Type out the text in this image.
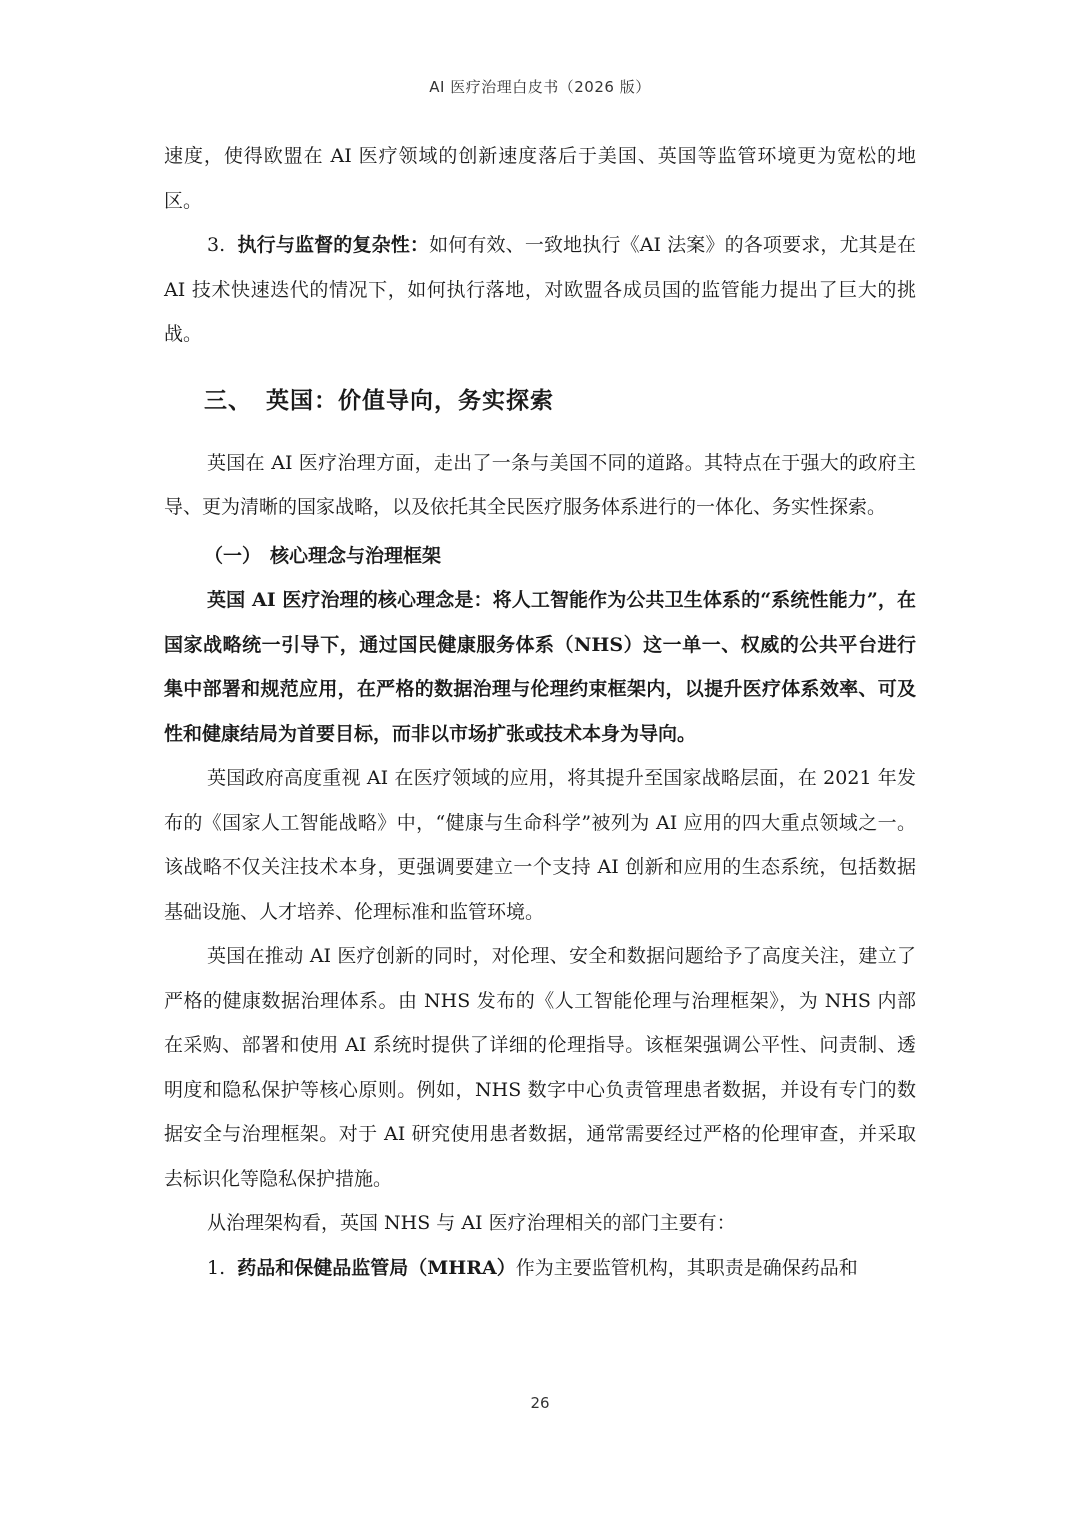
AI 医疗治理白皮书（2026 版）

速度，使得欧盟在 AI 医疗领域的创新速度落后于美国、英国等监管环境更为宽松的地区。

3. 执行与监督的复杂性：如何有效、一致地执行《AI 法案》的各项要求，尤其是在 AI 技术快速迭代的情况下，如何执行落地，对欧盟各成员国的监管能力提出了巨大的挑战。

三、 英国：价值导向，务实探索

英国在 AI 医疗治理方面，走出了一条与美国不同的道路。其特点在于强大的政府主导、更为清晰的国家战略，以及依托其全民医疗服务体系进行的一体化、务实性探索。

（一） 核心理念与治理框架

英国 AI 医疗治理的核心理念是：将人工智能作为公共卫生体系的“系统性能力”，在国家战略统一引导下，通过国民健康服务体系（NHS）这一单一、权威的公共平台进行集中部署和规范应用，在严格的数据治理与伦理约束框架内，以提升医疗体系效率、可及性和健康结局为首要目标，而非以市场扩张或技术本身为导向。

英国政府高度重视 AI 在医疗领域的应用，将其提升至国家战略层面，在 2021 年发布的《国家人工智能战略》中，“健康与生命科学”被列为 AI 应用的四大重点领域之一。该战略不仅关注技术本身，更强调要建立一个支持 AI 创新和应用的生态系统，包括数据基础设施、人才培养、伦理标准和监管环境。

英国在推动 AI 医疗创新的同时，对伦理、安全和数据问题给予了高度关注，建立了严格的健康数据治理体系。由 NHS 发布的《人工智能伦理与治理框架》，为 NHS 内部在采购、部署和使用 AI 系统时提供了详细的伦理指导。该框架强调公平性、问责制、透明度和隐私保护等核心原则。例如，NHS 数字中心负责管理患者数据，并设有专门的数据安全与治理框架。对于 AI 研究使用患者数据，通常需要经过严格的伦理审查，并采取去标识化等隐私保护措施。

从治理架构看，英国 NHS 与 AI 医疗治理相关的部门主要有：

1. 药品和保健品监管局（MHRA）作为主要监管机构，其职责是确保药品和

26
